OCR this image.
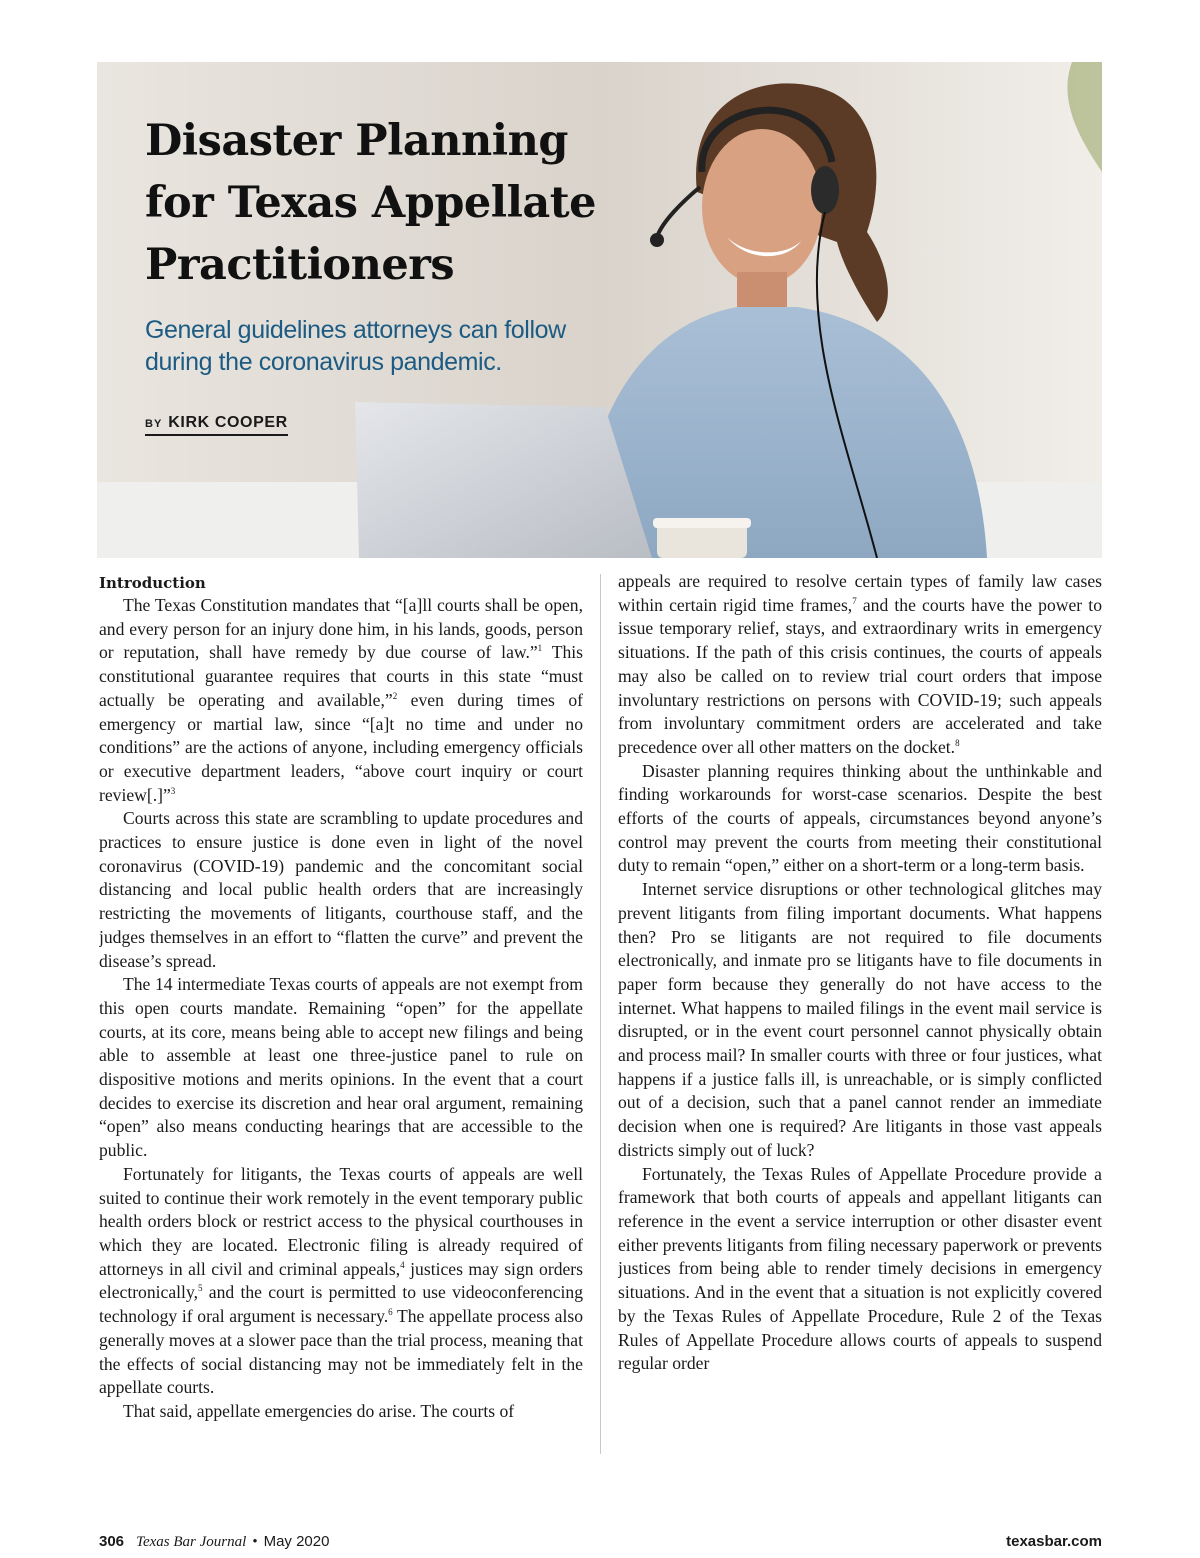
Disaster Planning for Texas Appellate Practitioners

General guidelines attorneys can follow during the coronavirus pandemic.

BY KIRK COOPER
Introduction

The Texas Constitution mandates that “[a]ll courts shall be open, and every person for an injury done him, in his lands, goods, person or reputation, shall have remedy by due course of law.”$^1$ This constitutional guarantee requires that courts in this state “must actually be operating and available,”$^2$ even during times of emergency or martial law, since “[a]t no time and under no conditions” are the actions of anyone, including emergency officials or executive department leaders, “above court inquiry or court review[.]”$^3$

Courts across this state are scrambling to update procedures and practices to ensure justice is done even in light of the novel coronavirus (COVID-19) pandemic and the concomitant social distancing and local public health orders that are increasingly restricting the movements of litigants, courthouse staff, and the judges themselves in an effort to “flatten the curve” and prevent the disease’s spread.

The 14 intermediate Texas courts of appeals are not exempt from this open courts mandate. Remaining “open” for the appellate courts, at its core, means being able to accept new filings and being able to assemble at least one three-justice panel to rule on dispositive motions and merits opinions. In the event that a court decides to exercise its discretion and hear oral argument, remaining “open” also means conducting hearings that are accessible to the public.

Fortunately for litigants, the Texas courts of appeals are well suited to continue their work remotely in the event temporary public health orders block or restrict access to the physical courthouses in which they are located. Electronic filing is already required of attorneys in all civil and criminal appeals,$^4$ justices may sign orders electronically,$^5$ and the court is permitted to use videoconferencing technology if oral argument is necessary.$^6$ The appellate process also generally moves at a slower pace than the trial process, meaning that the effects of social distancing may not be immediately felt in the appellate courts.

That said, appellate emergencies do arise. The courts of

appeals are required to resolve certain types of family law cases within certain rigid time frames,$^7$ and the courts have the power to issue temporary relief, stays, and extraordinary writs in emergency situations. If the path of this crisis continues, the courts of appeals may also be called on to review trial court orders that impose involuntary restrictions on persons with COVID-19; such appeals from involuntary commitment orders are accelerated and take precedence over all other matters on the docket.$^8$

Disaster planning requires thinking about the unthinkable and finding workarounds for worst-case scenarios. Despite the best efforts of the courts of appeals, circumstances beyond anyone’s control may prevent the courts from meeting their constitutional duty to remain “open,” either on a short-term or a long-term basis.

Internet service disruptions or other technological glitches may prevent litigants from filing important documents. What happens then? Pro se litigants are not required to file documents electronically, and inmate pro se litigants have to file documents in paper form because they generally do not have access to the internet. What happens to mailed filings in the event mail service is disrupted, or in the event court personnel cannot physically obtain and process mail? In smaller courts with three or four justices, what happens if a justice falls ill, is unreachable, or is simply conflicted out of a decision, such that a panel cannot render an immediate decision when one is required? Are litigants in those vast appeals districts simply out of luck?

Fortunately, the Texas Rules of Appellate Procedure provide a framework that both courts of appeals and appellant litigants can reference in the event a service interruption or other disaster event either prevents litigants from filing necessary paperwork or prevents justices from being able to render timely decisions in emergency situations. And in the event that a situation is not explicitly covered by the Texas Rules of Appellate Procedure, Rule 2 of the Texas Rules of Appellate Procedure allows courts of appeals to suspend regular order

306 Texas Bar Journal • May 2020	texasbar.com
